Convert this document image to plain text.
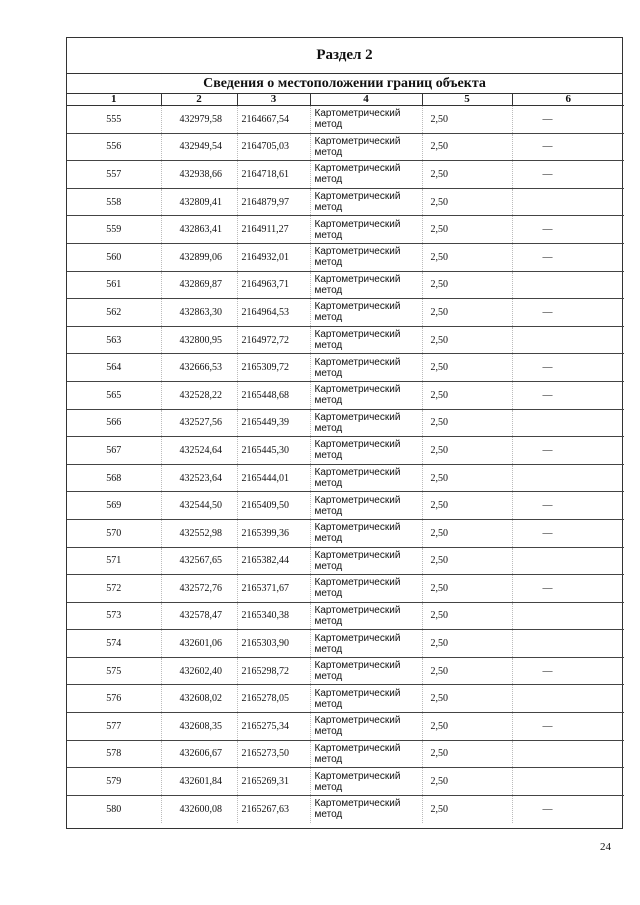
Раздел 2
Сведения о местоположении границ объекта
1	2	3	4	5	6
555	432979,58	2164667,54	Картометрический
метод	2,50	—
556	432949,54	2164705,03	Картометрический
метод	2,50	—
557	432938,66	2164718,61	Картометрический
метод	2,50	—
558	432809,41	2164879,97	Картометрический
метод	2,50	
559	432863,41	2164911,27	Картометрический
метод	2,50	—
560	432899,06	2164932,01	Картометрический
метод	2,50	—
561	432869,87	2164963,71	Картометрический
метод	2,50	
562	432863,30	2164964,53	Картометрический
метод	2,50	—
563	432800,95	2164972,72	Картометрический
метод	2,50	
564	432666,53	2165309,72	Картометрический
метод	2,50	—
565	432528,22	2165448,68	Картометрический
метод	2,50	—
566	432527,56	2165449,39	Картометрический
метод	2,50	
567	432524,64	2165445,30	Картометрический
метод	2,50	—
568	432523,64	2165444,01	Картометрический
метод	2,50	
569	432544,50	2165409,50	Картометрический
метод	2,50	—
570	432552,98	2165399,36	Картометрический
метод	2,50	—
571	432567,65	2165382,44	Картометрический
метод	2,50	
572	432572,76	2165371,67	Картометрический
метод	2,50	—
573	432578,47	2165340,38	Картометрический
метод	2,50	
574	432601,06	2165303,90	Картометрический
метод	2,50	
575	432602,40	2165298,72	Картометрический
метод	2,50	—
576	432608,02	2165278,05	Картометрический
метод	2,50	
577	432608,35	2165275,34	Картометрический
метод	2,50	—
578	432606,67	2165273,50	Картометрический
метод	2,50	
579	432601,84	2165269,31	Картометрический
метод	2,50	
580	432600,08	2165267,63	Картометрический
метод	2,50	—
24
